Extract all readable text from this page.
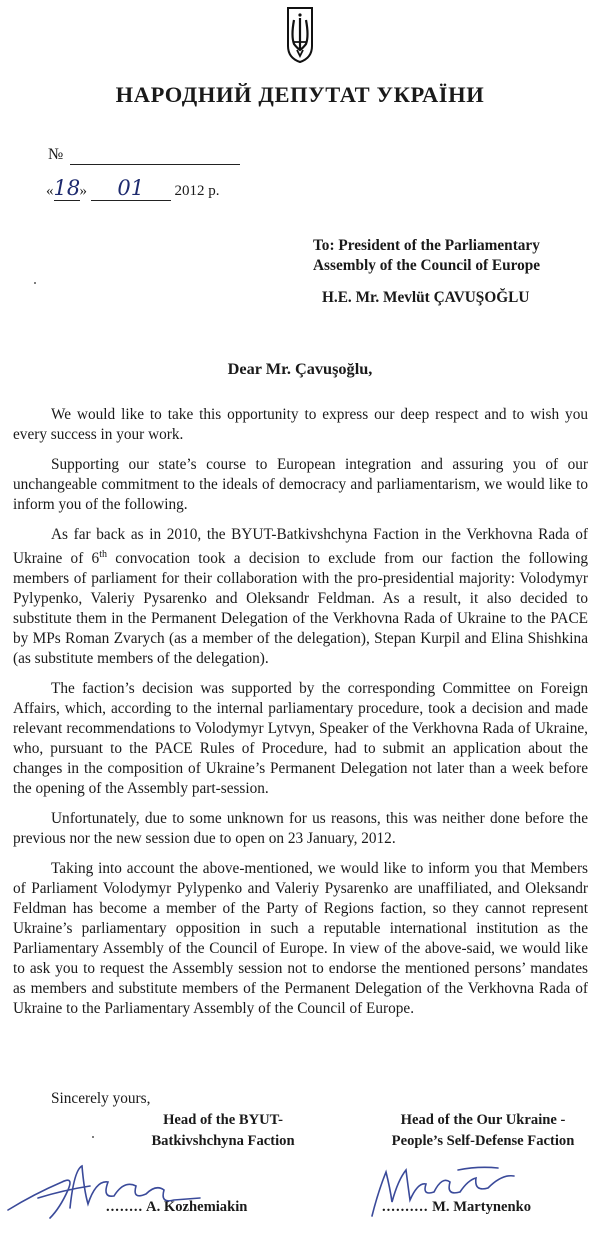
НАРОДНИЙ ДЕПУТАТ УКРАЇНИ
№
«18» 01 2012 р.
To: President of the Parliamentary
Assembly of the Council of Europe
H.E. Mr. Mevlüt ÇAVUŞOĞLU
Dear Mr. Çavuşoğlu,

We would like to take this opportunity to express our deep respect and to wish you every success in your work.

Supporting our state’s course to European integration and assuring you of our unchangeable commitment to the ideals of democracy and parliamentarism, we would like to inform you of the following.

As far back as in 2010, the BYUT-Batkivshchyna Faction in the Verkhovna Rada of Ukraine of 6th convocation took a decision to exclude from our faction the following members of parliament for their collaboration with the pro-presidential majority: Volodymyr Pylypenko, Valeriy Pysarenko and Oleksandr Feldman. As a result, it also decided to substitute them in the Permanent Delegation of the Verkhovna Rada of Ukraine to the PACE by MPs Roman Zvarych (as a member of the delegation), Stepan Kurpil and Elina Shishkina (as substitute members of the delegation).

The faction’s decision was supported by the corresponding Committee on Foreign Affairs, which, according to the internal parliamentary procedure, took a decision and made relevant recommendations to Volodymyr Lytvyn, Speaker of the Verkhovna Rada of Ukraine, who, pursuant to the PACE Rules of Procedure, had to submit an application about the changes in the composition of Ukraine’s Permanent Delegation not later than a week before the opening of the Assembly part-session.

Unfortunately, due to some unknown for us reasons, this was neither done before the previous nor the new session due to open on 23 January, 2012.

Taking into account the above-mentioned, we would like to inform you that Members of Parliament Volodymyr Pylypenko and Valeriy Pysarenko are unaffiliated, and Oleksandr Feldman has become a member of the Party of Regions faction, so they cannot represent Ukraine’s parliamentary opposition in such a reputable international institution as the Parliamentary Assembly of the Council of Europe. In view of the above-said, we would like to ask you to request the Assembly session not to endorse the mentioned persons’ mandates as members and substitute members of the Permanent Delegation of the Verkhovna Rada of Ukraine to the Parliamentary Assembly of the Council of Europe.

Sincerely yours,
Head of the BYUT-
Batkivshchyna Faction
Head of the Our Ukraine -
People’s Self-Defense Faction
........ A. Kozhemiakin	.......... M. Martynenko
